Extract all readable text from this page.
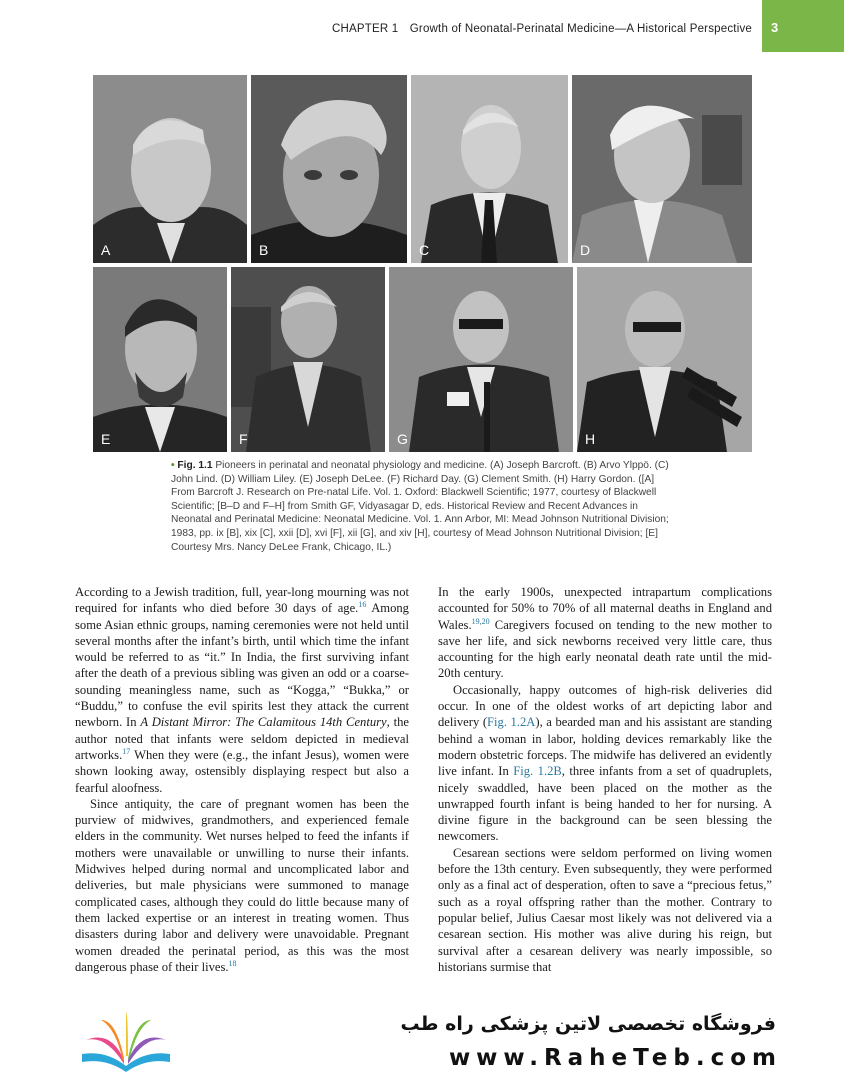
CHAPTER 1 Growth of Neonatal-Perinatal Medicine—A Historical Perspective 3
A	B	C	D
E	F	G	H
• Fig. 1.1 Pioneers in perinatal and neonatal physiology and medicine. (A) Joseph Barcroft. (B) Arvo Ylppö. (C) John Lind. (D) William Liley. (E) Joseph DeLee. (F) Richard Day. (G) Clement Smith. (H) Harry Gordon. ([A] From Barcroft J. Research on Pre-natal Life. Vol. 1. Oxford: Blackwell Scientific; 1977, courtesy of Blackwell Scientific; [B–D and F–H] from Smith GF, Vidyasagar D, eds. Historical Review and Recent Advances in Neonatal and Perinatal Medicine: Neonatal Medicine. Vol. 1. Ann Arbor, MI: Mead Johnson Nutritional Division; 1983, pp. ix [B], xix [C], xxii [D], xvi [F], xii [G], and xiv [H], courtesy of Mead Johnson Nutritional Division; [E] Courtesy Mrs. Nancy DeLee Frank, Chicago, IL.)

According to a Jewish tradition, full, year-long mourning was not required for infants who died before 30 days of age.$^{16}$ Among some Asian ethnic groups, naming ceremonies were not held until several months after the infant’s birth, until which time the infant would be referred to as “it.” In India, the first surviving infant after the death of a previous sibling was given an odd or a coarse-sounding meaningless name, such as “Kogga,” “Bukka,” or “Buddu,” to confuse the evil spirits lest they attack the current newborn. In A Distant Mirror: The Calamitous 14th Century, the author noted that infants were seldom depicted in medieval artworks.$^{17}$ When they were (e.g., the infant Jesus), women were shown looking away, ostensibly displaying respect but also a fearful aloofness.

Since antiquity, the care of pregnant women has been the purview of midwives, grandmothers, and experienced female elders in the community. Wet nurses helped to feed the infants if mothers were unavailable or unwilling to nurse their infants. Midwives helped during normal and uncomplicated labor and deliveries, but male physicians were summoned to manage complicated cases, although they could do little because many of them lacked expertise or an interest in treating women. Thus disasters during labor and delivery were unavoidable. Pregnant women dreaded the perinatal period, as this was the most dangerous phase of their lives.$^{18}$

In the early 1900s, unexpected intrapartum complications accounted for 50% to 70% of all maternal deaths in England and Wales.$^{19,20}$ Caregivers focused on tending to the new mother to save her life, and sick newborns received very little care, thus accounting for the high early neonatal death rate until the mid-20th century.

Occasionally, happy outcomes of high-risk deliveries did occur. In one of the oldest works of art depicting labor and delivery (Fig. 1.2A), a bearded man and his assistant are standing behind a woman in labor, holding devices remarkably like the modern obstetric forceps. The midwife has delivered an evidently live infant. In Fig. 1.2B, three infants from a set of quadruplets, nicely swaddled, have been placed on the mother as the unwrapped fourth infant is being handed to her for nursing. A divine figure in the background can be seen blessing the newcomers.

Cesarean sections were seldom performed on living women before the 13th century. Even subsequently, they were performed only as a final act of desperation, often to save a “precious fetus,” such as a royal offspring rather than the mother. Contrary to popular belief, Julius Caesar most likely was not delivered via a cesarean section. His mother was alive during his reign, but survival after a cesarean delivery was nearly impossible, so historians surmise that

فروشگاه تخصصی لاتین پزشکی راه طب
www.RaheTeb.com
